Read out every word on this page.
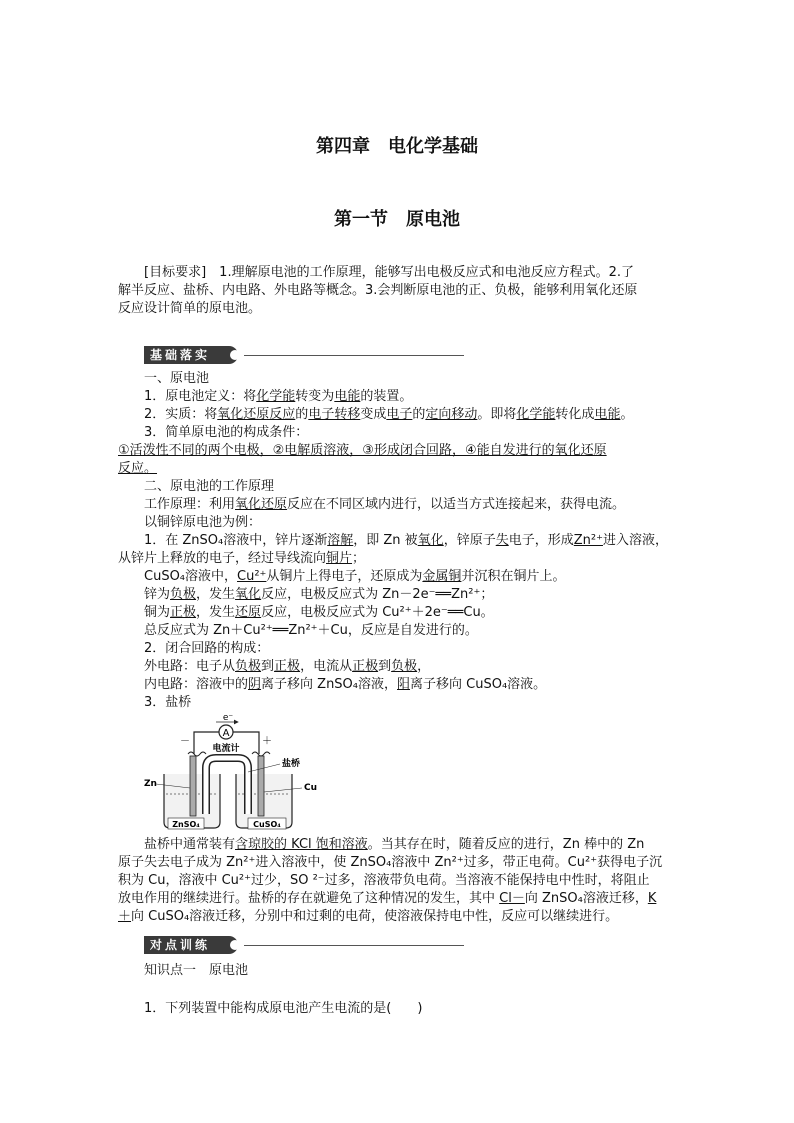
第四章　电化学基础
第一节　原电池
[目标要求]　 1.理解原电池的工作原理，能够写出电极反应式和电池反应方程式。2.了
解半反应、盐桥、内电路、外电路等概念。3.会判断原电池的正、负极，能够利用氧化还原
反应设计简单的原电池。
基础落实
一、原电池
1．原电池定义：将化学能转变为电能的装置。
2．实质：将氧化还原反应的电子转移变成电子的定向移动。即将化学能转化成电能。
3．简单原电池的构成条件：
①活泼性不同的两个电极，②电解质溶液，③形成闭合回路，④能自发进行的氧化还原
反应。
二、原电池的工作原理
工作原理：利用氧化还原反应在不同区域内进行，以适当方式连接起来，获得电流。
以铜锌原电池为例：
1．在 ZnSO₄溶液中，锌片逐渐溶解，即 Zn 被氧化，锌原子失电子，形成Zn²⁺进入溶液，
从锌片上释放的电子，经过导线流向铜片；
CuSO₄溶液中，Cu²⁺从铜片上得电子，还原成为金属铜并沉积在铜片上。
锌为负极，发生氧化反应，电极反应式为 Zn－2e⁻══Zn²⁺；
铜为正极，发生还原反应，电极反应式为 Cu²⁺＋2e⁻══Cu。
总反应式为 Zn＋Cu²⁺══Zn²⁺＋Cu，反应是自发进行的。
2．闭合回路的构成：
外电路：电子从负极到正极，电流从正极到负极，
内电路：溶液中的阴离子移向 ZnSO₄溶液，阳离子移向 CuSO₄溶液。
3．盐桥
A
e⁻
电流计
－	＋
盐桥
Zn	Cu
ZnSO₄	CuSO₄
盐桥中通常装有含琼胶的 KCl 饱和溶液。当其存在时，随着反应的进行，Zn 棒中的 Zn
原子失去电子成为 Zn²⁺进入溶液中，使 ZnSO₄溶液中 Zn²⁺过多，带正电荷。Cu²⁺获得电子沉
积为 Cu，溶液中 Cu²⁺过少，SO ²⁻过多，溶液带负电荷。当溶液不能保持电中性时，将阻止
放电作用的继续进行。盐桥的存在就避免了这种情况的发生，其中 Cl－向 ZnSO₄溶液迁移，K
＋向 CuSO₄溶液迁移，分别中和过剩的电荷，使溶液保持电中性，反应可以继续进行。
对点训练
知识点一　原电池
1．下列装置中能构成原电池产生电流的是(　　)
